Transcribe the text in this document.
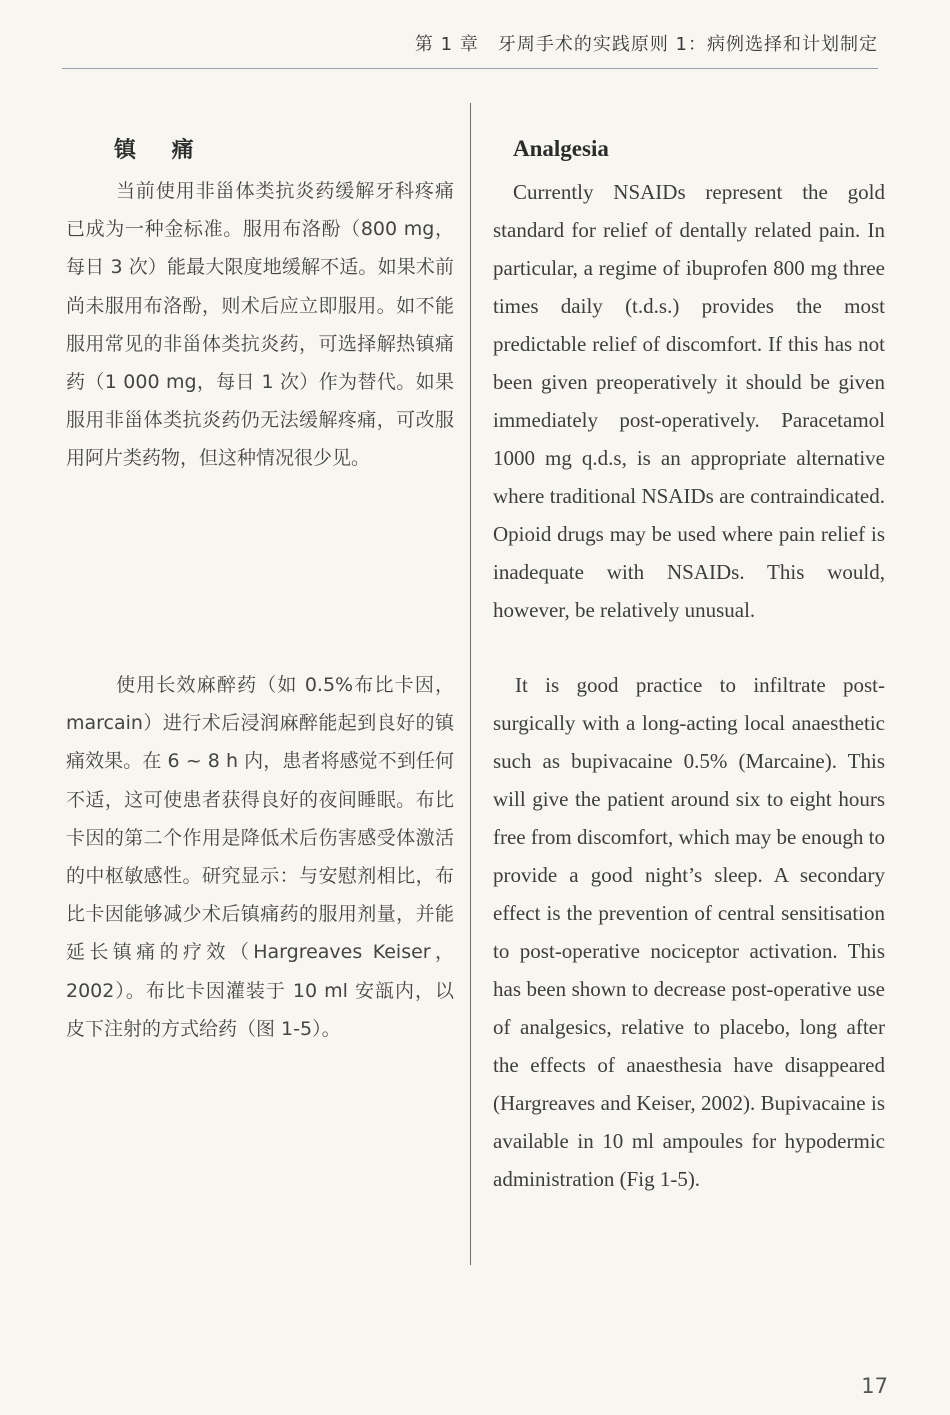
第 1 章　牙周手术的实践原则 1：病例选择和计划制定
镇 痛

当前使用非甾体类抗炎药缓解牙科疼痛已成为一种金标准。服用布洛酚（800 mg，每日 3 次）能最大限度地缓解不适。如果术前尚未服用布洛酚，则术后应立即服用。如不能服用常见的非甾体类抗炎药，可选择解热镇痛药（1 000 mg，每日 1 次）作为替代。如果服用非甾体类抗炎药仍无法缓解疼痛，可改服用阿片类药物，但这种情况很少见。

使用长效麻醉药（如 0.5%布比卡因，marcain）进行术后浸润麻醉能起到良好的镇痛效果。在 6 ~ 8 h 内，患者将感觉不到任何不适，这可使患者获得良好的夜间睡眠。布比卡因的第二个作用是降低术后伤害感受体激活的中枢敏感性。研究显示：与安慰剂相比，布比卡因能够减少术后镇痛药的服用剂量，并能延长镇痛的疗效（Hargreaves Keiser，2002）。布比卡因灌装于 10 ml 安瓿内，以皮下注射的方式给药（图 1-5）。

Analgesia

Currently NSAIDs represent the gold standard for relief of dentally related pain. In particular, a regime of ibuprofen 800 mg three times daily (t.d.s.) provides the most predictable relief of discomfort. If this has not been given preoperatively it should be given immediately post-operatively. Paracetamol 1000 mg q.d.s, is an appropriate alternative where traditional NSAIDs are contraindicated. Opioid drugs may be used where pain relief is inadequate with NSAIDs. This would, however, be relatively unusual.

It is good practice to infiltrate post-surgically with a long-acting local anaesthetic such as bupivacaine 0.5% (Marcaine). This will give the patient around six to eight hours free from discomfort, which may be enough to provide a good night’s sleep. A secondary effect is the prevention of central sensitisation to post-operative nociceptor activation. This has been shown to decrease post-operative use of analgesics, relative to placebo, long after the effects of anaesthesia have disappeared (Hargreaves and Keiser, 2002). Bupivacaine is available in 10 ml ampoules for hypodermic administration (Fig 1-5).

17
